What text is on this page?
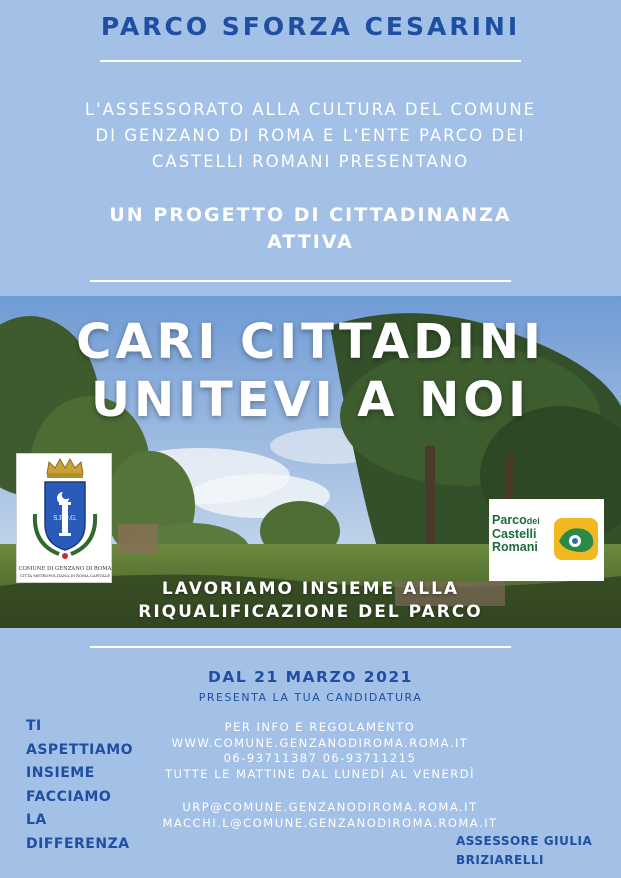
PARCO SFORZA CESARINI
L'ASSESSORATO ALLA CULTURA DEL COMUNE
DI GENZANO DI ROMA E L'ENTE PARCO DEI
CASTELLI ROMANI PRESENTANO
UN PROGETTO DI CITTADINANZA
ATTIVA
CARI CITTADINI
UNITEVI A NOI
S.P.Q.G.
COMUNE DI GENZANO DI ROMA
CITTÀ METROPOLITANA DI ROMA CAPITALE
Parcodei
Castelli
Romani
LAVORIAMO INSIEME ALLA
RIQUALIFICAZIONE DEL PARCO
DAL 21 MARZO 2021
PRESENTA LA TUA CANDIDATURA
PER INFO E REGOLAMENTO
WWW.COMUNE.GENZANODIROMA.ROMA.IT
06-93711387 06-93711215
TUTTE LE MATTINE DAL LUNEDÌ AL VENERDÌ
URP@COMUNE.GENZANODIROMA.ROMA.IT
MACCHI.L@COMUNE.GENZANODIROMA.ROMA.IT
TI
ASPETTIAMO
INSIEME
FACCIAMO
LA
DIFFERENZA	ASSESSORE GIULIA
BRIZIARELLI
